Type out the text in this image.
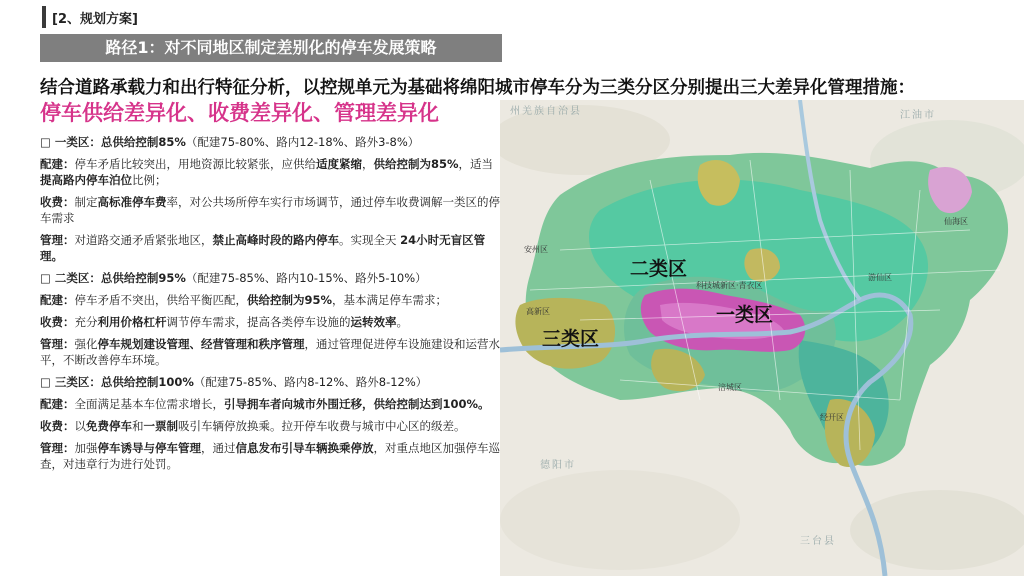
[2、规划方案]
路径1：对不同地区制定差别化的停车发展策略
州羌族自治县	江油市
德阳市
三台县
安州区
高新区
科技城新区·青衣区
仙海区
游仙区
涪城区
经开区
二类区
一类区
三类区
结合道路承载力和出行特征分析，以控规单元为基础将绵阳城市停车分为三类分区分别提出三大差异化管理措施：
停车供给差异化、收费差异化、管理差异化

□ 一类区：总供给控制85%（配建75-80%、路内12-18%、路外3-8%）

配建：停车矛盾比较突出，用地资源比较紧张，应供给适度紧缩，供给控制为85%，适当提高路内停车泊位比例；

收费：制定高标准停车费率，对公共场所停车实行市场调节，通过停车收费调解一类区的停车需求

管理：对道路交通矛盾紧张地区，禁止高峰时段的路内停车。实现全天 24小时无盲区管理。

□ 二类区：总供给控制95%（配建75-85%、路内10-15%、路外5-10%）

配建：停车矛盾不突出，供给平衡匹配，供给控制为95%，基本满足停车需求；

收费：充分利用价格杠杆调节停车需求，提高各类停车设施的运转效率。

管理：强化停车规划建设管理、经营管理和秩序管理，通过管理促进停车设施建设和运营水平，不断改善停车环境。

□ 三类区：总供给控制100%（配建75-85%、路内8-12%、路外8-12%）

配建：全面满足基本车位需求增长，引导拥车者向城市外围迁移，供给控制达到100%。

收费：以免费停车和一票制吸引车辆停放换乘。拉开停车收费与城市中心区的级差。

管理：加强停车诱导与停车管理，通过信息发布引导车辆换乘停放，对重点地区加强停车巡查，对违章行为进行处罚。
